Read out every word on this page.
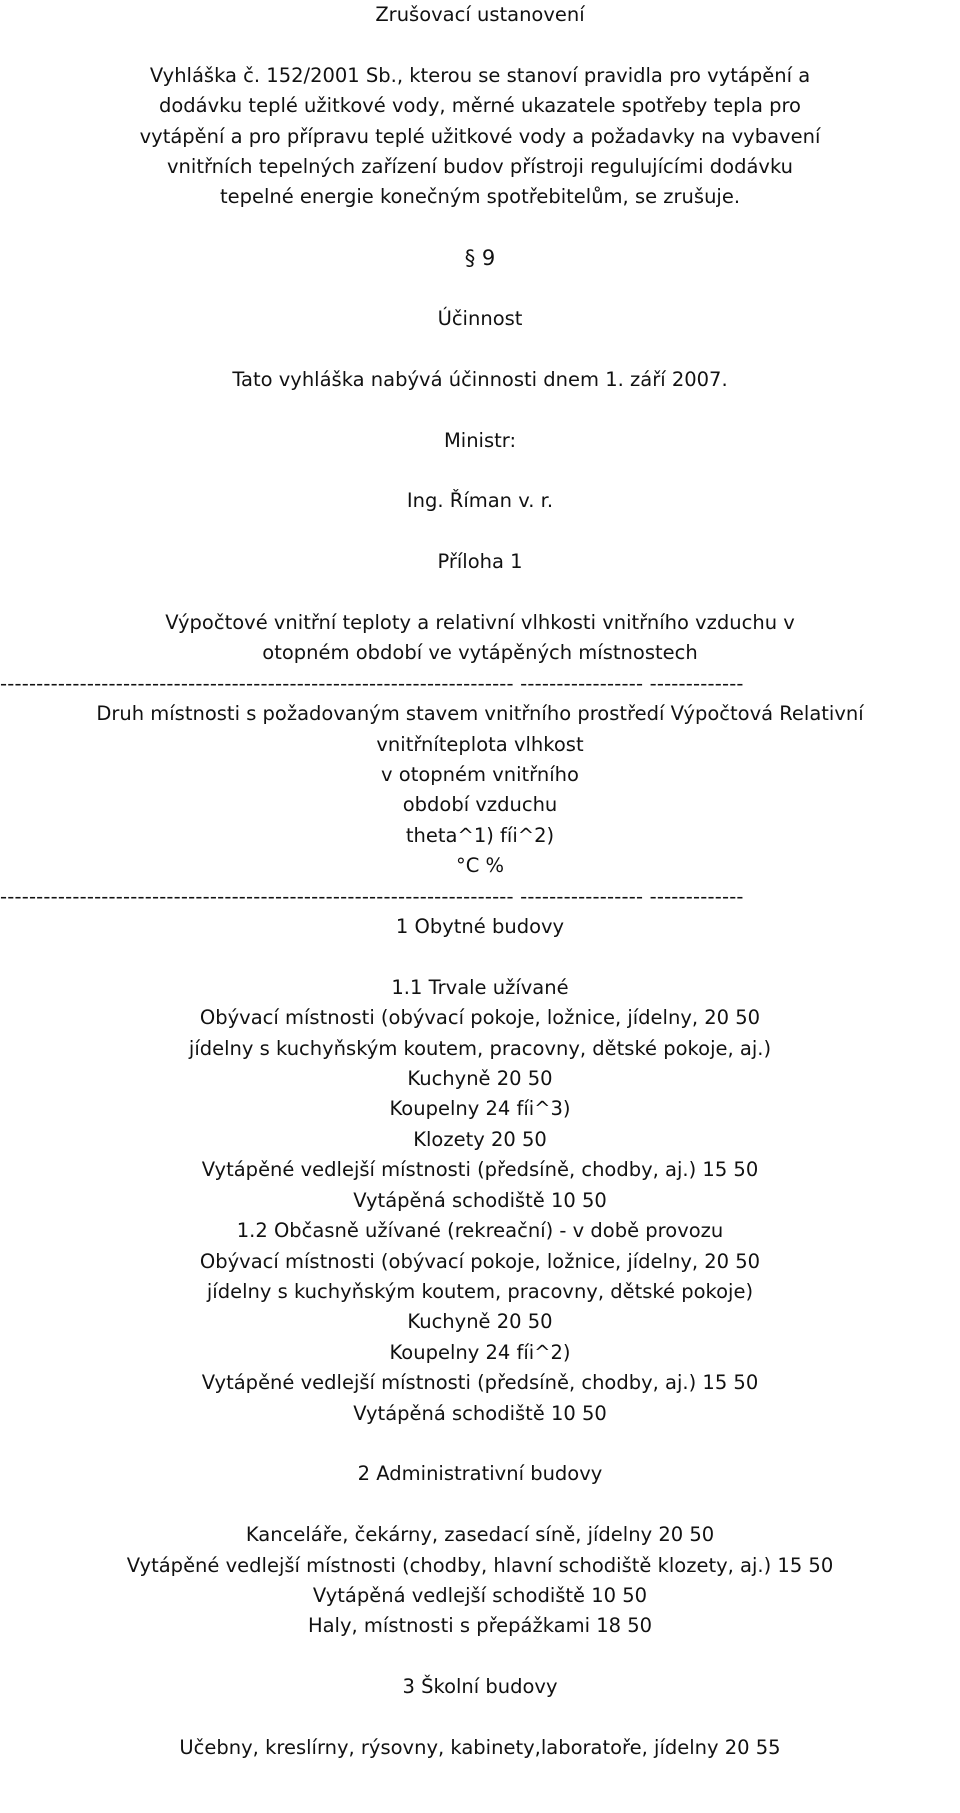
Zrušovací ustanovení
Vyhláška č. 152/2001 Sb., kterou se stanoví pravidla pro vytápění a
dodávku teplé užitkové vody, měrné ukazatele spotřeby tepla pro
vytápění a pro přípravu teplé užitkové vody a požadavky na vybavení
vnitřních tepelných zařízení budov přístroji regulujícími dodávku
tepelné energie konečným spotřebitelům, se zrušuje.
§ 9
Účinnost
Tato vyhláška nabývá účinnosti dnem 1. září 2007.
Ministr:
Ing. Říman v. r.
Příloha 1
Výpočtové vnitřní teploty a relativní vlhkosti vnitřního vzduchu v
otopném období ve vytápěných místnostech
----------------------------------------------------------------------- ----------------- -------------
Druh místnosti s požadovaným stavem vnitřního prostředí Výpočtová Relativní
vnitřníteplota vlhkost
v otopném vnitřního
období vzduchu
theta^1) fíi^2)
°C %
----------------------------------------------------------------------- ----------------- -------------
1 Obytné budovy
1.1 Trvale užívané
Obývací místnosti (obývací pokoje, ložnice, jídelny, 20 50
jídelny s kuchyňským koutem, pracovny, dětské pokoje, aj.)
Kuchyně 20 50
Koupelny 24 fíi^3)
Klozety 20 50
Vytápěné vedlejší místnosti (předsíně, chodby, aj.) 15 50
Vytápěná schodiště 10 50
1.2 Občasně užívané (rekreační) - v době provozu
Obývací místnosti (obývací pokoje, ložnice, jídelny, 20 50
jídelny s kuchyňským koutem, pracovny, dětské pokoje)
Kuchyně 20 50
Koupelny 24 fíi^2)
Vytápěné vedlejší místnosti (předsíně, chodby, aj.) 15 50
Vytápěná schodiště 10 50
2 Administrativní budovy
Kanceláře, čekárny, zasedací síně, jídelny 20 50
Vytápěné vedlejší místnosti (chodby, hlavní schodiště klozety, aj.) 15 50
Vytápěná vedlejší schodiště 10 50
Haly, místnosti s přepážkami 18 50
3 Školní budovy
Učebny, kreslírny, rýsovny, kabinety,laboratoře, jídelny 20 55
